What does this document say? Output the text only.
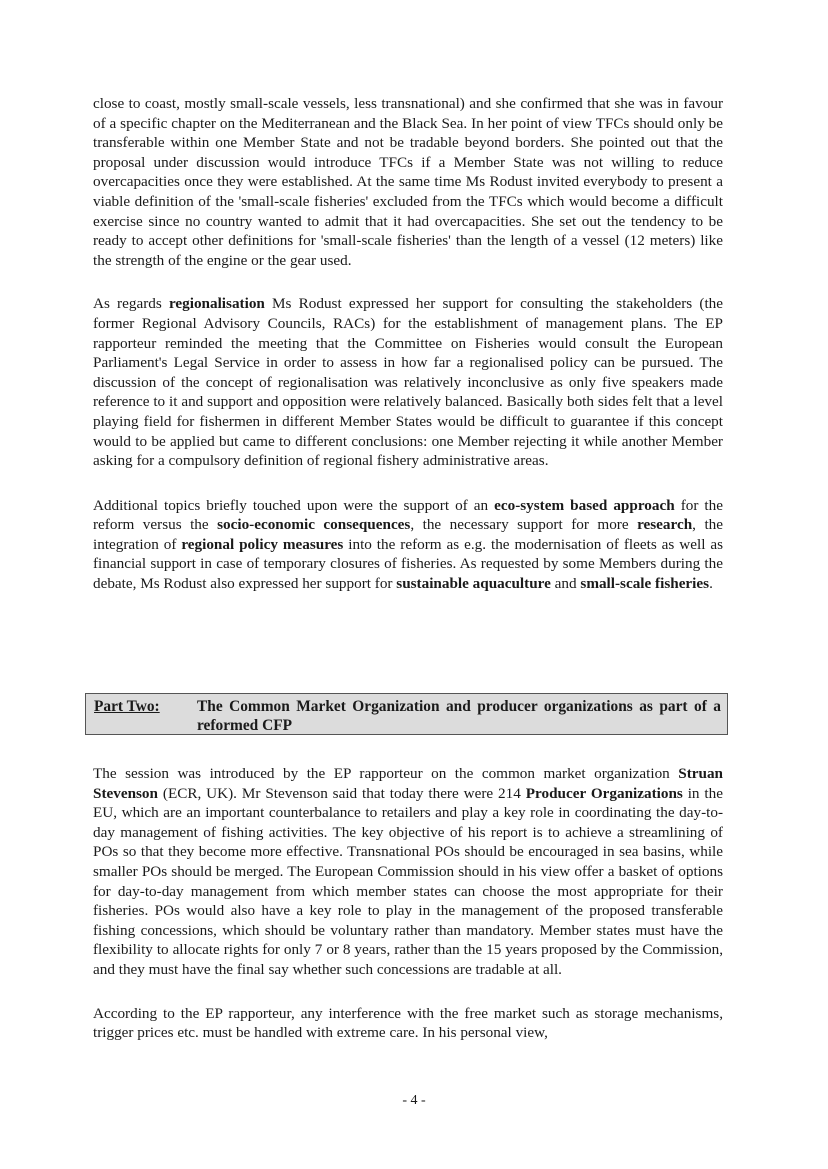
close to coast, mostly small-scale vessels, less transnational) and she confirmed that she was in favour of a specific chapter on the Mediterranean and the Black Sea. In her point of view TFCs should only be transferable within one Member State and not be tradable beyond borders. She pointed out that the proposal under discussion would introduce TFCs if a Member State was not willing to reduce overcapacities once they were established. At the same time Ms Rodust invited everybody to present a viable definition of the 'small-scale fisheries' excluded from the TFCs which would become a difficult exercise since no country wanted to admit that it had overcapacities. She set out the tendency to be ready to accept other definitions for 'small-scale fisheries' than the length of a vessel (12 meters) like the strength of the engine or the gear used.

As regards regionalisation Ms Rodust expressed her support for consulting the stakeholders (the former Regional Advisory Councils, RACs) for the establishment of management plans. The EP rapporteur reminded the meeting that the Committee on Fisheries would consult the European Parliament's Legal Service in order to assess in how far a regionalised policy can be pursued. The discussion of the concept of regionalisation was relatively inconclusive as only five speakers made reference to it and support and opposition were relatively balanced. Basically both sides felt that a level playing field for fishermen in different Member States would be difficult to guarantee if this concept would to be applied but came to different conclusions: one Member rejecting it while another Member asking for a compulsory definition of regional fishery administrative areas.

Additional topics briefly touched upon were the support of an eco-system based approach for the reform versus the socio-economic consequences, the necessary support for more research, the integration of regional policy measures into the reform as e.g. the modernisation of fleets as well as financial support in case of temporary closures of fisheries. As requested by some Members during the debate, Ms Rodust also expressed her support for sustainable aquaculture and small-scale fisheries.

Part Two: The Common Market Organization and producer organizations as part of a reformed CFP

The session was introduced by the EP rapporteur on the common market organization Struan Stevenson (ECR, UK). Mr Stevenson said that today there were 214 Producer Organizations in the EU, which are an important counterbalance to retailers and play a key role in coordinating the day-to-day management of fishing activities. The key objective of his report is to achieve a streamlining of POs so that they become more effective. Transnational POs should be encouraged in sea basins, while smaller POs should be merged. The European Commission should in his view offer a basket of options for day-to-day management from which member states can choose the most appropriate for their fisheries. POs would also have a key role to play in the management of the proposed transferable fishing concessions, which should be voluntary rather than mandatory. Member states must have the flexibility to allocate rights for only 7 or 8 years, rather than the 15 years proposed by the Commission, and they must have the final say whether such concessions are tradable at all.

According to the EP rapporteur, any interference with the free market such as storage mechanisms, trigger prices etc. must be handled with extreme care. In his personal view,

- 4 -
